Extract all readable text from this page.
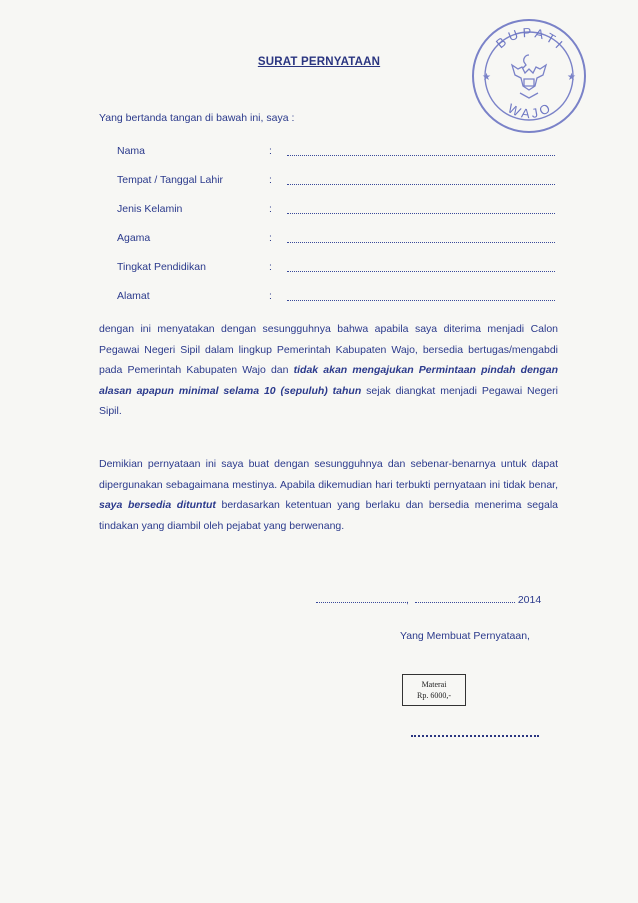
B U P A T I
W A J O
★	★
SURAT PERNYATAAN
Yang bertanda tangan di bawah ini, saya :
Nama	:
Tempat / Tanggal Lahir	:
Jenis Kelamin	:
Agama	:
Tingkat Pendidikan	:
Alamat	:
dengan ini menyatakan dengan sesungguhnya bahwa apabila saya diterima menjadi Calon Pegawai Negeri Sipil dalam lingkup Pemerintah Kabupaten Wajo, bersedia bertugas/mengabdi pada Pemerintah Kabupaten Wajo dan tidak akan mengajukan Permintaan pindah dengan alasan apapun minimal selama 10 (sepuluh) tahun sejak diangkat menjadi Pegawai Negeri Sipil.
Demikian pernyataan ini saya buat dengan sesungguhnya dan sebenar-benarnya untuk dapat dipergunakan sebagaimana mestinya. Apabila dikemudian hari terbukti pernyataan ini tidak benar, saya bersedia dituntut berdasarkan ketentuan yang berlaku dan bersedia menerima segala tindakan yang diambil oleh pejabat yang berwenang.
,	2014
Yang Membuat Pernyataan,
Materai
Rp. 6000,-
